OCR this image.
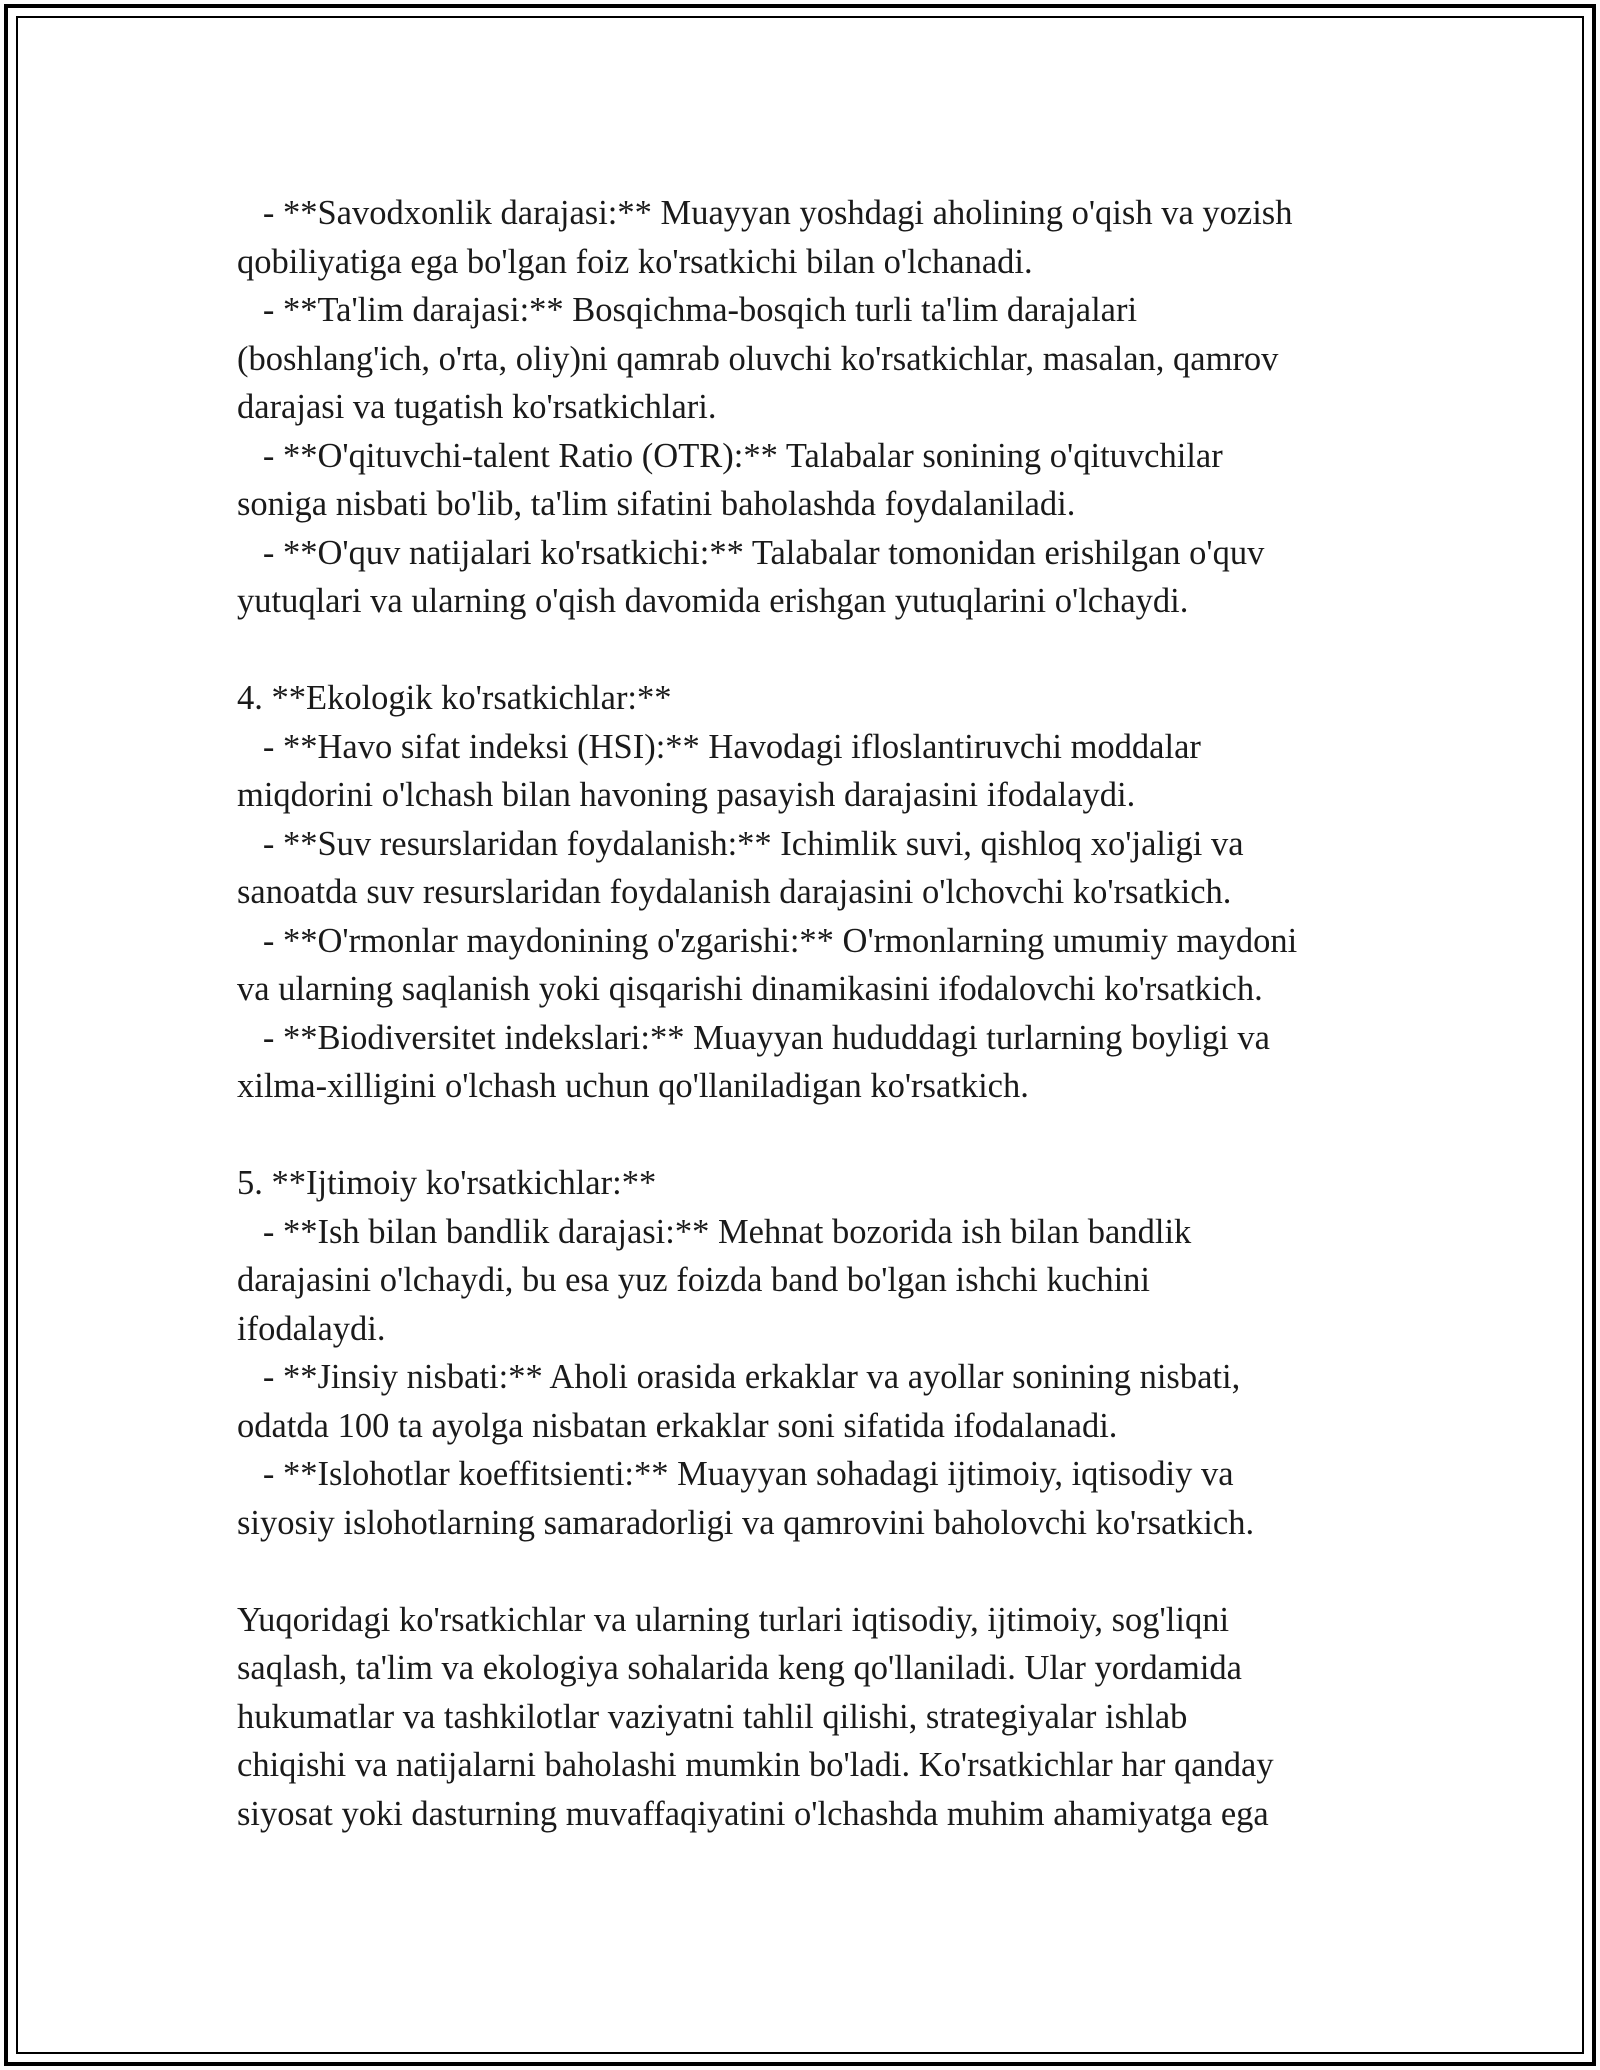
- **Savodxonlik darajasi:** Muayyan yoshdagi aholining o'qish va yozish
qobiliyatiga ega bo'lgan foiz ko'rsatkichi bilan o'lchanadi.
- **Ta'lim darajasi:** Bosqichma-bosqich turli ta'lim darajalari
(boshlang'ich, o'rta, oliy)ni qamrab oluvchi ko'rsatkichlar, masalan, qamrov
darajasi va tugatish ko'rsatkichlari.
- **O'qituvchi-talent Ratio (OTR):** Talabalar sonining o'qituvchilar
soniga nisbati bo'lib, ta'lim sifatini baholashda foydalaniladi.
- **O'quv natijalari ko'rsatkichi:** Talabalar tomonidan erishilgan o'quv
yutuqlari va ularning o'qish davomida erishgan yutuqlarini o'lchaydi.
4. **Ekologik ko'rsatkichlar:**
- **Havo sifat indeksi (HSI):** Havodagi ifloslantiruvchi moddalar
miqdorini o'lchash bilan havoning pasayish darajasini ifodalaydi.
- **Suv resurslaridan foydalanish:** Ichimlik suvi, qishloq xo'jaligi va
sanoatda suv resurslaridan foydalanish darajasini o'lchovchi ko'rsatkich.
- **O'rmonlar maydonining o'zgarishi:** O'rmonlarning umumiy maydoni
va ularning saqlanish yoki qisqarishi dinamikasini ifodalovchi ko'rsatkich.
- **Biodiversitet indekslari:** Muayyan hududdagi turlarning boyligi va
xilma-xilligini o'lchash uchun qo'llaniladigan ko'rsatkich.
5. **Ijtimoiy ko'rsatkichlar:**
- **Ish bilan bandlik darajasi:** Mehnat bozorida ish bilan bandlik
darajasini o'lchaydi, bu esa yuz foizda band bo'lgan ishchi kuchini
ifodalaydi.
- **Jinsiy nisbati:** Aholi orasida erkaklar va ayollar sonining nisbati,
odatda 100 ta ayolga nisbatan erkaklar soni sifatida ifodalanadi.
- **Islohotlar koeffitsienti:** Muayyan sohadagi ijtimoiy, iqtisodiy va
siyosiy islohotlarning samaradorligi va qamrovini baholovchi ko'rsatkich.
Yuqoridagi ko'rsatkichlar va ularning turlari iqtisodiy, ijtimoiy, sog'liqni
saqlash, ta'lim va ekologiya sohalarida keng qo'llaniladi. Ular yordamida
hukumatlar va tashkilotlar vaziyatni tahlil qilishi, strategiyalar ishlab
chiqishi va natijalarni baholashi mumkin bo'ladi. Ko'rsatkichlar har qanday
siyosat yoki dasturning muvaffaqiyatini o'lchashda muhim ahamiyatga ega
